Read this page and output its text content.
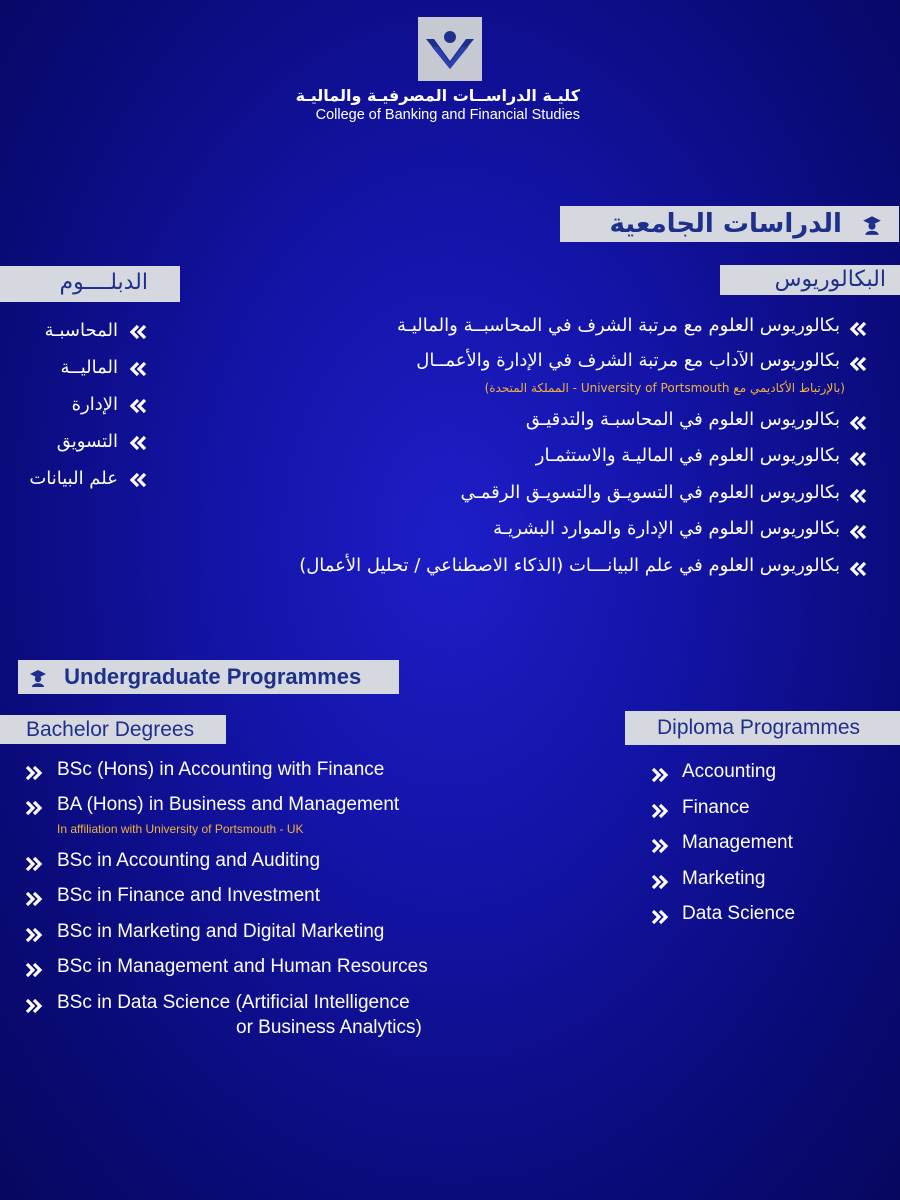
كليـة الدراســات المصرفيـة والماليـة
College of Banking and Financial Studies
الدراسات الجامعية
البكالوريوس
الدبلــــوم
بكالوريوس العلوم مع مرتبة الشرف في المحاسبــة والماليـة
بكالوريوس الآداب مع مرتبة الشرف في الإدارة والأعمــال
بكالوريوس العلوم في المحاسبـة والتدقيـق
بكالوريوس العلوم في الماليـة والاستثمـار
بكالوريوس العلوم في التسويـق والتسويـق الرقمـي
بكالوريوس العلوم في الإدارة والموارد البشريـة
بكالوريوس العلوم في علم البيانـــات (الذكاء الاصطناعي / تحليل الأعمال)
(بالإرتباط الأكاديمي مع University of Portsmouth - المملكة المتحدة)
المحاسبـة
الماليــة
الإدارة
التسويق
علم البيانات
Undergraduate Programmes
Bachelor Degrees	Diploma Programmes
BSc (Hons) in Accounting with Finance
BA (Hons) in Business and Management
BSc in Accounting and Auditing
BSc in Finance and Investment
BSc in Marketing and Digital Marketing
BSc in Management and Human Resources
BSc in Data Science (Artificial Intelligence
or Business Analytics)
In affiliation with University of Portsmouth - UK
Accounting
Finance
Management
Marketing
Data Science
